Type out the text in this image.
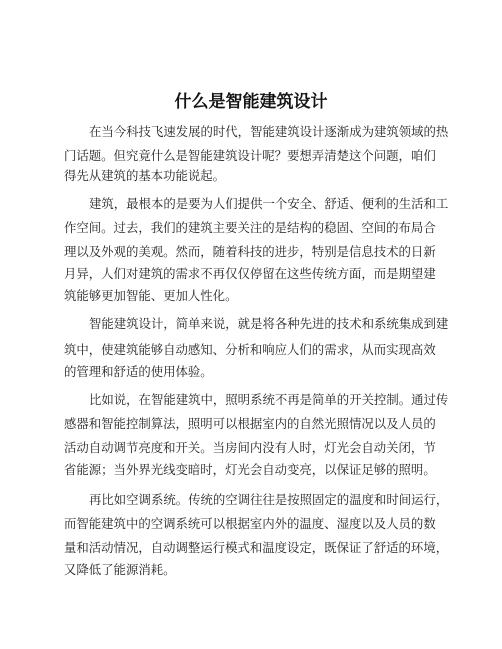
什么是智能建筑设计
在当今科技飞速发展的时代，智能建筑设计逐渐成为建筑领域的热
门话题。但究竟什么是智能建筑设计呢？要想弄清楚这个问题，咱们
得先从建筑的基本功能说起。
建筑，最根本的是要为人们提供一个安全、舒适、便利的生活和工
作空间。过去，我们的建筑主要关注的是结构的稳固、空间的布局合
理以及外观的美观。然而，随着科技的进步，特别是信息技术的日新
月异，人们对建筑的需求不再仅仅停留在这些传统方面，而是期望建
筑能够更加智能、更加人性化。
智能建筑设计，简单来说，就是将各种先进的技术和系统集成到建
筑中，使建筑能够自动感知、分析和响应人们的需求，从而实现高效
的管理和舒适的使用体验。
比如说，在智能建筑中，照明系统不再是简单的开关控制。通过传
感器和智能控制算法，照明可以根据室内的自然光照情况以及人员的
活动自动调节亮度和开关。当房间内没有人时，灯光会自动关闭，节
省能源；当外界光线变暗时，灯光会自动变亮，以保证足够的照明。
再比如空调系统。传统的空调往往是按照固定的温度和时间运行，
而智能建筑中的空调系统可以根据室内外的温度、湿度以及人员的数
量和活动情况，自动调整运行模式和温度设定，既保证了舒适的环境，
又降低了能源消耗。
